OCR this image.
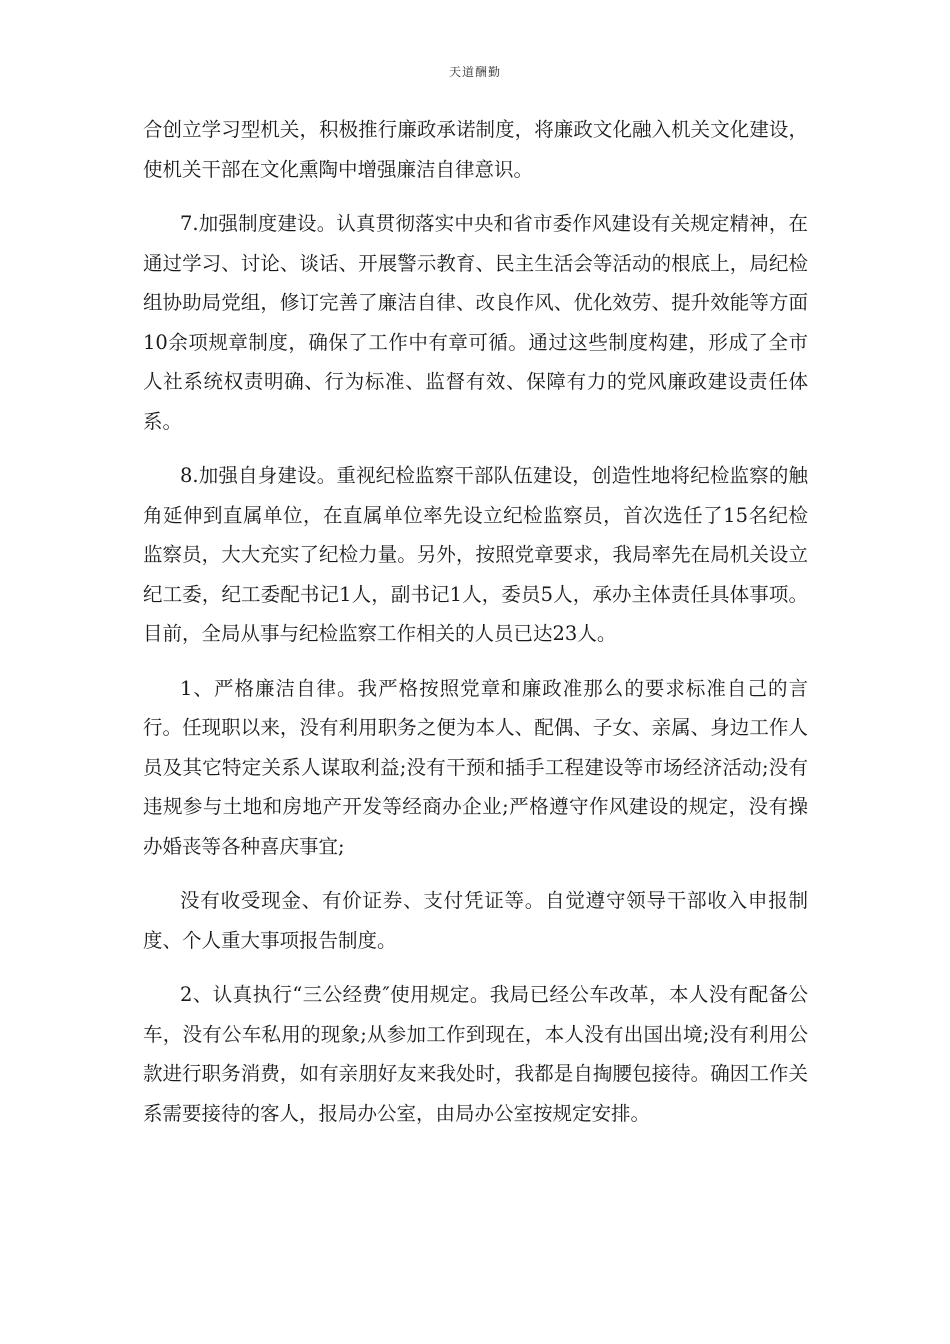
天道酬勤

合创立学习型机关，积极推行廉政承诺制度，将廉政文化融入机关文化建设，使机关干部在文化熏陶中增强廉洁自律意识。

7.加强制度建设。认真贯彻落实中央和省市委作风建设有关规定精神，在通过学习、讨论、谈话、开展警示教育、民主生活会等活动的根底上，局纪检组协助局党组，修订完善了廉洁自律、改良作风、优化效劳、提升效能等方面10余项规章制度，确保了工作中有章可循。通过这些制度构建，形成了全市人社系统权责明确、行为标准、监督有效、保障有力的党风廉政建设责任体系。

8.加强自身建设。重视纪检监察干部队伍建设，创造性地将纪检监察的触角延伸到直属单位，在直属单位率先设立纪检监察员，首次选任了15名纪检监察员，大大充实了纪检力量。另外，按照党章要求，我局率先在局机关设立纪工委，纪工委配书记1人，副书记1人，委员5人，承办主体责任具体事项。目前，全局从事与纪检监察工作相关的人员已达23人。

1、严格廉洁自律。我严格按照党章和廉政准那么的要求标准自己的言行。任现职以来，没有利用职务之便为本人、配偶、子女、亲属、身边工作人员及其它特定关系人谋取利益;没有干预和插手工程建设等市场经济活动;没有违规参与土地和房地产开发等经商办企业;严格遵守作风建设的规定，没有操办婚丧等各种喜庆事宜;

没有收受现金、有价证券、支付凭证等。自觉遵守领导干部收入申报制度、个人重大事项报告制度。

2、认真执行“三公经费″使用规定。我局已经公车改革，本人没有配备公车，没有公车私用的现象;从参加工作到现在，本人没有出国出境;没有利用公款进行职务消费，如有亲朋好友来我处时，我都是自掏腰包接待。确因工作关系需要接待的客人，报局办公室，由局办公室按规定安排。
